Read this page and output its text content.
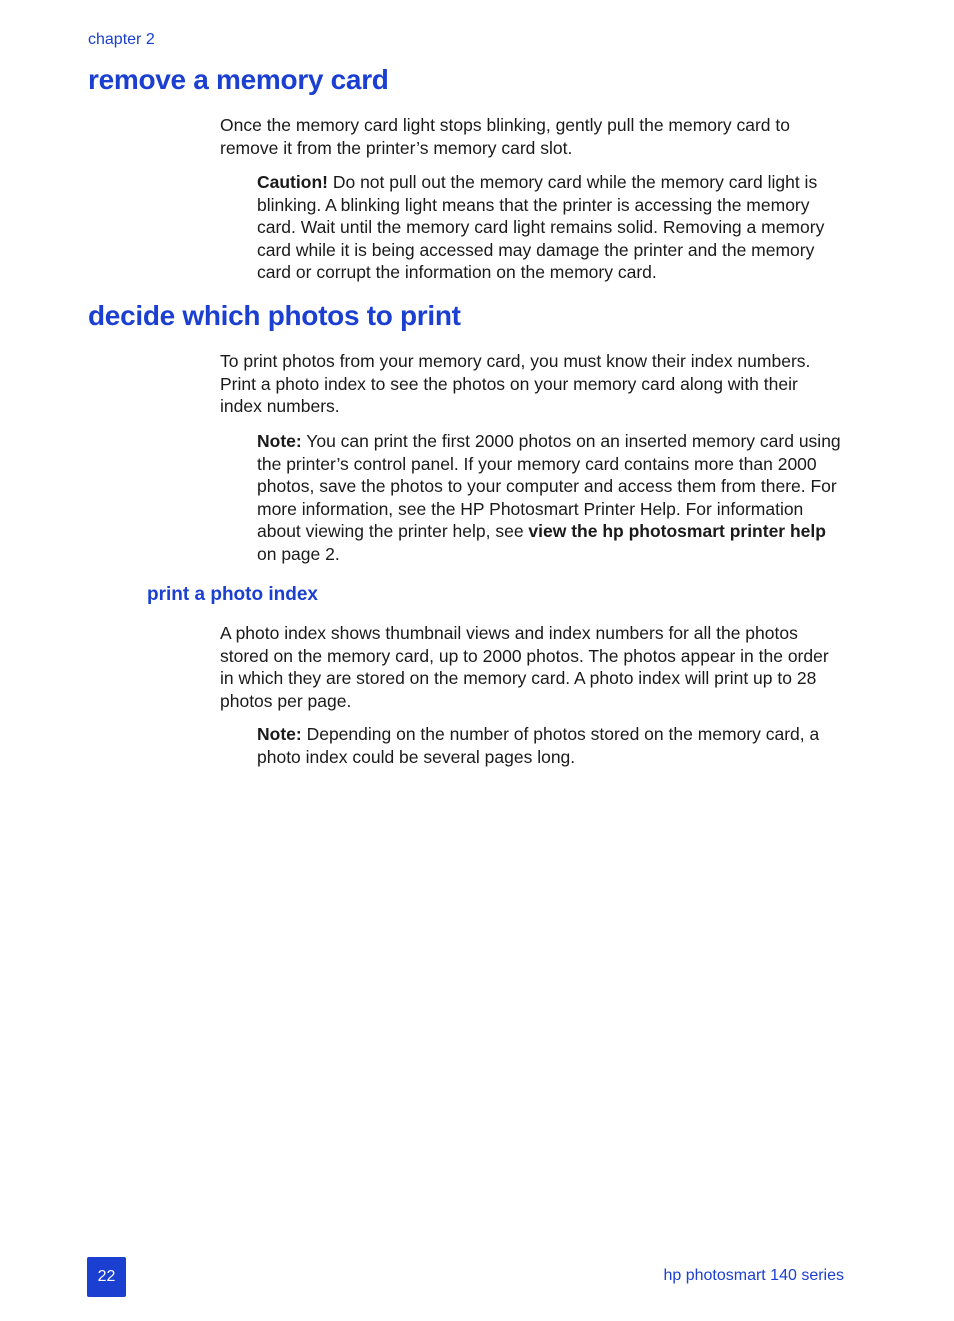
chapter 2
remove a memory card

Once the memory card light stops blinking, gently pull the memory card to remove it from the printer’s memory card slot.

Caution! Do not pull out the memory card while the memory card light is blinking. A blinking light means that the printer is accessing the memory card. Wait until the memory card light remains solid. Removing a memory card while it is being accessed may damage the printer and the memory card or corrupt the information on the memory card.

decide which photos to print

To print photos from your memory card, you must know their index numbers. Print a photo index to see the photos on your memory card along with their index numbers.

Note: You can print the first 2000 photos on an inserted memory card using the printer’s control panel. If your memory card contains more than 2000 photos, save the photos to your computer and access them from there. For more information, see the HP Photosmart Printer Help. For information about viewing the printer help, see view the hp photosmart printer help on page 2.

print a photo index

A photo index shows thumbnail views and index numbers for all the photos stored on the memory card, up to 2000 photos. The photos appear in the order in which they are stored on the memory card. A photo index will print up to 28 photos per page.

Note: Depending on the number of photos stored on the memory card, a photo index could be several pages long.

22	hp photosmart 140 series
